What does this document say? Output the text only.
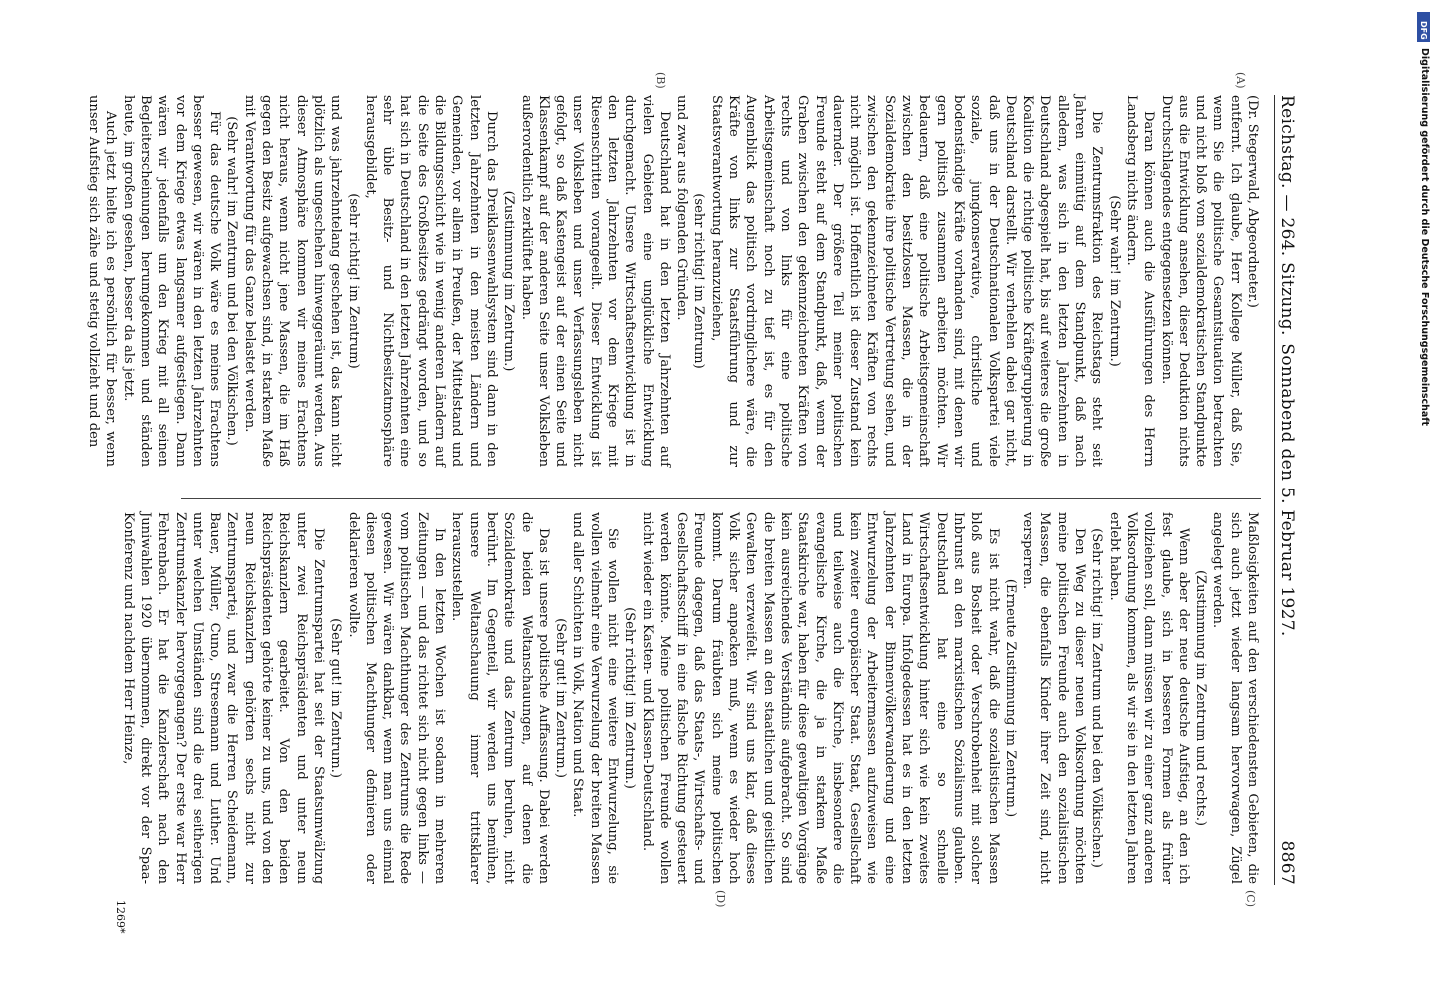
Reichstag. — 264. Sitzung.
Sonnabend den 5. Februar 1927.
8867

(Dr. Stegerwald, Abgeordneter.)

entfernt. Ich glaube, Herr Kollege Müller, daß Sie, wenn Sie die politische Gesamtsituation betrachten und nicht bloß vom sozialdemokratischen Standpunkte aus die Entwicklung ansehen, dieser Deduktion nichts Durchschlagendes entgegensetzen können.

Daran können auch die Ausführungen des Herrn Landsberg nichts ändern.

(Sehr wahr! im Zentrum.)

Die Zentrumsfraktion des Reichstags steht seit Jahren einmütig auf dem Standpunkt, daß nach alledem, was sich in den letzten Jahrzehnten in Deutschland abgespielt hat, bis auf weiteres die große Koalition die richtige politische Kräftegruppierung in Deutschland darstellt. Wir verhehlen dabei gar nicht, daß uns in der Deutschnationalen Volkspartei viele soziale, jungkonservative, christliche und bodenständige Kräfte vorhanden sind, mit denen wir gern politisch zusammen arbeiten möchten. Wir bedauern, daß eine politische Arbeitsgemeinschaft zwischen den besitzlosen Massen, die in der Sozialdemokratie ihre politische Vertretung sehen, und zwischen den gekennzeichneten Kräften von rechts nicht möglich ist. Hoffentlich ist dieser Zustand kein dauernder. Der größere Teil meiner politischen Freunde steht auf dem Standpunkt, daß, wenn der Graben zwischen den gekennzeichneten Kräften von rechts und von links für eine politische Arbeitsgemeinschaft noch zu tief ist, es für den Augenblick das politisch vordringlichere wäre, die Kräfte von links zur Staatsführung und zur Staatsverantwortung heranzuziehen,

(sehr richtig! im Zentrum)

und zwar aus folgenden Gründen.

Deutschland hat in den letzten Jahrzehnten auf vielen Gebieten eine unglückliche Entwicklung durchgemacht. Unsere Wirtschaftsentwicklung ist in den letzten Jahrzehnten vor dem Kriege mit Riesenschritten vorangeeilt. Dieser Entwicklung ist unser Volksleben und unser Verfassungsleben nicht gefolgt, so daß Kastengeist auf der einen Seite und Klassenkampf auf der anderen Seite unser Volksleben außerordentlich zerklüftet haben.

(Zustimmung im Zentrum.)

Durch das Dreiklassenwahlsystem sind dann in den letzten Jahrzehnten in den meisten Ländern und Gemeinden, vor allem in Preußen, der Mittelstand und die Bildungsschicht wie in wenig anderen Ländern auf die Seite des Großbesitzes gedrängt worden, und so hat sich in Deutschland in den letzten Jahrzehnten eine sehr üble Besitz- und Nichtbesitzatmosphäre herausgebildet,

(sehr richtig! im Zentrum)

und was jahrzehntelang geschehen ist, das kann nicht plötzlich als ungeschehen hinweggeräumt werden. Aus dieser Atmosphäre kommen wir meines Erachtens nicht heraus, wenn nicht jene Massen, die im Haß gegen den Besitz aufgewachsen sind, in starkem Maße mit Verantwortung für das Ganze belastet werden.

(Sehr wahr! im Zentrum und bei den Völkischen.)

Für das deutsche Volk wäre es meines Erachtens besser gewesen, wir wären in den letzten Jahrzehnten vor dem Kriege etwas langsamer aufgestiegen. Dann wären wir jedenfalls um den Krieg mit all seinen Begleiterscheinungen herumgekommen und ständen heute, im großen gesehen, besser da als jetzt.

Auch jetzt hielte ich es persönlich für besser, wenn unser Aufstieg sich zähe und stetig vollzieht und den

Maßlosigkeiten auf den verschiedensten Gebieten, die sich auch jetzt wieder langsam hervorwagen, Zügel angelegt werden.

(Zustimmung im Zentrum und rechts.)

Wenn aber der neue deutsche Aufstieg, an den ich fest glaube, sich in besseren Formen als früher vollziehen soll, dann müssen wir zu einer ganz anderen Volksordnung kommen, als wir sie in den letzten Jahren erlebt haben.

(Sehr richtig! im Zentrum und bei den Völkischen.)

Den Weg zu dieser neuen Volksordnung möchten meine politischen Freunde auch den sozialistischen Massen, die ebenfalls Kinder ihrer Zeit sind, nicht versperren.

(Erneute Zustimmung im Zentrum.)

Es ist nicht wahr, daß die sozialistischen Massen bloß aus Bosheit oder Verschrobenheit mit solcher Inbrunst an den marxistischen Sozialismus glauben. Deutschland hat eine so schnelle Wirtschaftsentwicklung hinter sich wie kein zweites Land in Europa. Infolgedessen hat es in den letzten Jahrzehnten der Binnenvölkerwanderung und eine Entwurzelung der Arbeitermassen aufzuweisen wie kein zweiter europäischer Staat. Staat, Gesellschaft und teilweise auch die Kirche, insbesondere die evangelische Kirche, die ja in starkem Maße Staatskirche war, haben für diese gewaltigen Vorgänge kein ausreichendes Verständnis aufgebracht. So sind die breiten Massen an den staatlichen und geistlichen Gewalten verzweifelt. Wir sind uns klar, daß dieses Volk sicher anpacken muß, wenn es wieder hoch kommt. Darum fräubten sich meine politischen Freunde dagegen, daß das Staats-, Wirtschafts- und Gesellschaftsschiff in eine falsche Richtung gesteuert werden könnte. Meine politischen Freunde wollen nicht wieder ein Kasten- und Klassen-Deutschland.

(Sehr richtig! im Zentrum.)

Sie wollen nicht eine weitere Entwurzelung, sie wollen vielmehr eine Verwurzelung der breiten Massen und aller Schichten in Volk, Nation und Staat.

(Sehr gut! im Zentrum.)

Das ist unsere politische Auffassung. Dabei werden die beiden Weltanschauungen, auf denen die Sozialdemokratie und das Zentrum beruhen, nicht berührt. Im Gegenteil, wir werden uns bemühen, unsere Weltanschauung immer trittsklarer herauszustellen.

In den letzten Wochen ist sodann in mehreren Zeitungen — und das richtet sich nicht gegen links — vom politischen Machthunger des Zentrums die Rede gewesen. Wir wären dankbar, wenn man uns einmal diesen politischen Machthunger definieren oder deklarieren wollte.

(Sehr gut! im Zentrum.)

Die Zentrumspartei hat seit der Staatsumwälzung unter zwei Reichspräsidenten und unter neun Reichskanzlern gearbeitet. Von den beiden Reichspräsidenten gehörte keiner zu uns, und von den neun Reichskanzlern gehörten sechs nicht zur Zentrumspartei, und zwar die Herren Scheidemann, Bauer, Müller, Cuno, Stresemann und Luther. Und unter welchen Umständen sind die drei seitherigen Zentrumskanzler hervorgegangen? Der erste war Herr Fehrenbach. Er hat die Kanzlerschaft nach den Juniwahlen 1920 übernommen, direkt vor der Spaa-Konferenz und nachdem Herr Heinze,

(A)
(B)
(C)
(D)
1269*
DFG
Digitalisierung gefördert durch die Deutsche Forschungsgemeinschaft
